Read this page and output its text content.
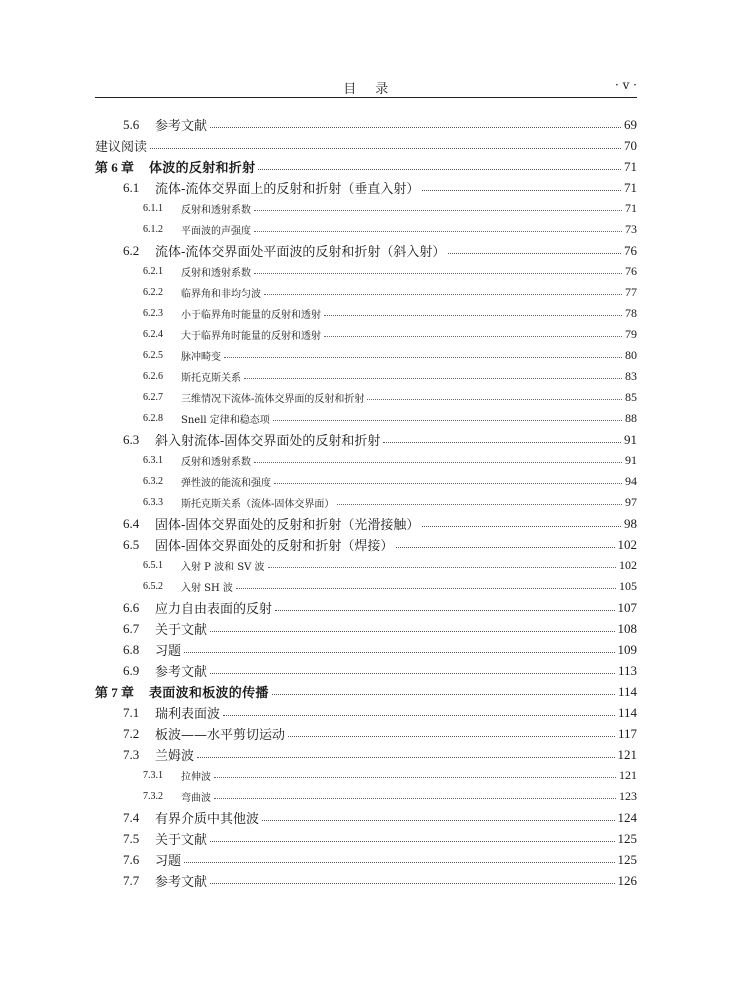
目    录	· v ·
5.6	参考文献	69
建议阅读	70
第 6 章	体波的反射和折射	71
6.1	流体-流体交界面上的反射和折射（垂直入射）	71
6.1.1	反射和透射系数	71
6.1.2	平面波的声强度	73
6.2	流体-流体交界面处平面波的反射和折射（斜入射）	76
6.2.1	反射和透射系数	76
6.2.2	临界角和非均匀波	77
6.2.3	小于临界角时能量的反射和透射	78
6.2.4	大于临界角时能量的反射和透射	79
6.2.5	脉冲畸变	80
6.2.6	斯托克斯关系	83
6.2.7	三维情况下流体-流体交界面的反射和折射	85
6.2.8	Snell 定律和稳态项	88
6.3	斜入射流体-固体交界面处的反射和折射	91
6.3.1	反射和透射系数	91
6.3.2	弹性波的能流和强度	94
6.3.3	斯托克斯关系（流体-固体交界面）	97
6.4	固体-固体交界面处的反射和折射（光滑接触）	98
6.5	固体-固体交界面处的反射和折射（焊接）	102
6.5.1	入射 P 波和 SV 波	102
6.5.2	入射 SH 波	105
6.6	应力自由表面的反射	107
6.7	关于文献	108
6.8	习题	109
6.9	参考文献	113
第 7 章	表面波和板波的传播	114
7.1	瑞利表面波	114
7.2	板波——水平剪切运动	117
7.3	兰姆波	121
7.3.1	拉伸波	121
7.3.2	弯曲波	123
7.4	有界介质中其他波	124
7.5	关于文献	125
7.6	习题	125
7.7	参考文献	126
